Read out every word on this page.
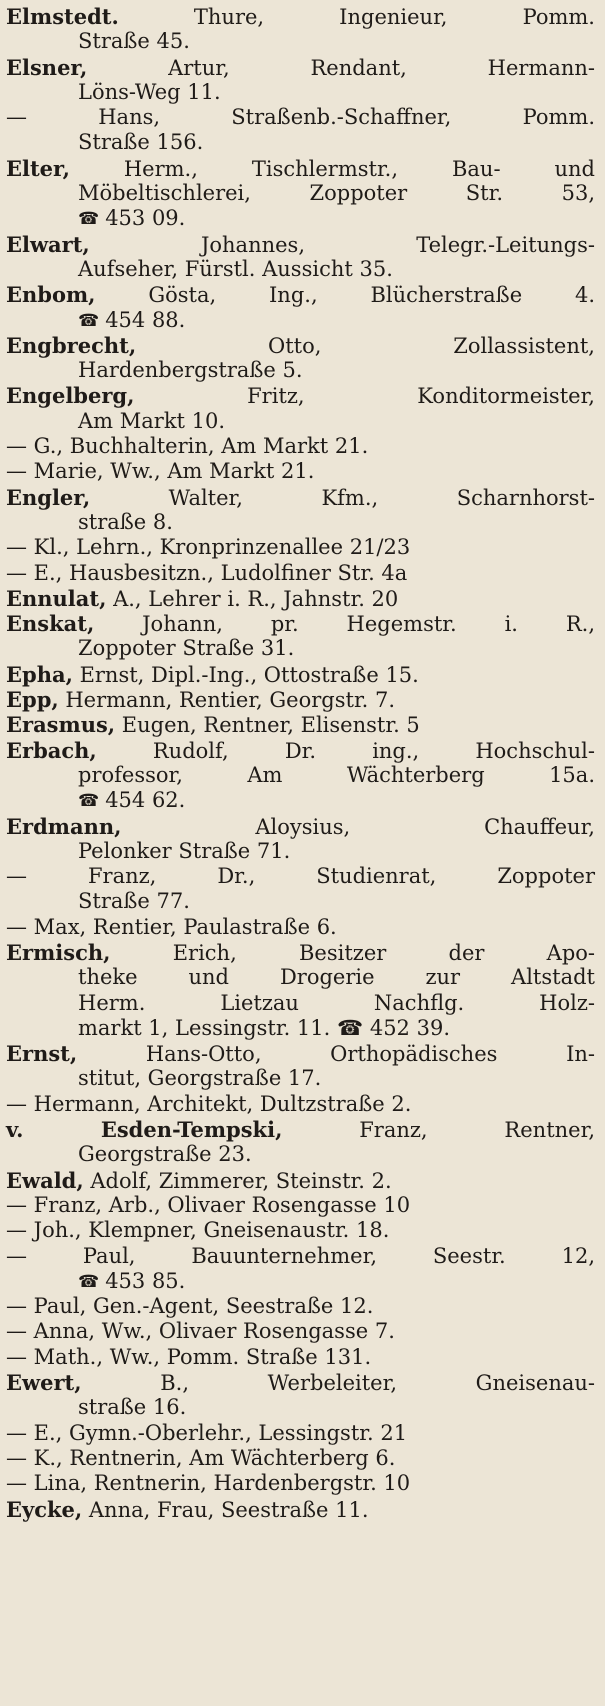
Elmstedt. Thure, Ingenieur, Pomm.
Straße 45.
Elsner, Artur, Rendant, Hermann-
Löns-Weg 11.
— Hans, Straßenb.-Schaffner, Pomm.
Straße 156.
Elter, Herm., Tischlermstr., Bau- und
Möbeltischlerei, Zoppoter Str. 53,
☎ 453 09.
Elwart, Johannes, Telegr.-Leitungs-
Aufseher, Fürstl. Aussicht 35.
Enbom, Gösta, Ing., Blücherstraße 4.
☎ 454 88.
Engbrecht, Otto, Zollassistent,
Hardenbergstraße 5.
Engelberg, Fritz, Konditormeister,
Am Markt 10.
— G., Buchhalterin, Am Markt 21.
— Marie, Ww., Am Markt 21.
Engler, Walter, Kfm., Scharnhorst-
straße 8.
— Kl., Lehrn., Kronprinzenallee 21/23
— E., Hausbesitzn., Ludolfiner Str. 4a
Ennulat, A., Lehrer i. R., Jahnstr. 20
Enskat, Johann, pr. Hegemstr. i. R.,
Zoppoter Straße 31.
Epha, Ernst, Dipl.-Ing., Ottostraße 15.
Epp, Hermann, Rentier, Georgstr. 7.
Erasmus, Eugen, Rentner, Elisenstr. 5
Erbach, Rudolf, Dr. ing., Hochschul-
professor, Am Wächterberg 15a.
☎ 454 62.
Erdmann, Aloysius, Chauffeur,
Pelonker Straße 71.
— Franz, Dr., Studienrat, Zoppoter
Straße 77.
— Max, Rentier, Paulastraße 6.
Ermisch, Erich, Besitzer der Apo-
theke und Drogerie zur Altstadt
Herm. Lietzau Nachflg. Holz-
markt 1, Lessingstr. 11. ☎ 452 39.
Ernst, Hans-Otto, Orthopädisches In-
stitut, Georgstraße 17.
— Hermann, Architekt, Dultzstraße 2.
v. Esden-Tempski, Franz, Rentner,
Georgstraße 23.
Ewald, Adolf, Zimmerer, Steinstr. 2.
— Franz, Arb., Olivaer Rosengasse 10
— Joh., Klempner, Gneisenaustr. 18.
— Paul, Bauunternehmer, Seestr. 12,
☎ 453 85.
— Paul, Gen.-Agent, Seestraße 12.
— Anna, Ww., Olivaer Rosengasse 7.
— Math., Ww., Pomm. Straße 131.
Ewert, B., Werbeleiter, Gneisenau-
straße 16.
— E., Gymn.-Oberlehr., Lessingstr. 21
— K., Rentnerin, Am Wächterberg 6.
— Lina, Rentnerin, Hardenbergstr. 10
Eycke, Anna, Frau, Seestraße 11.
